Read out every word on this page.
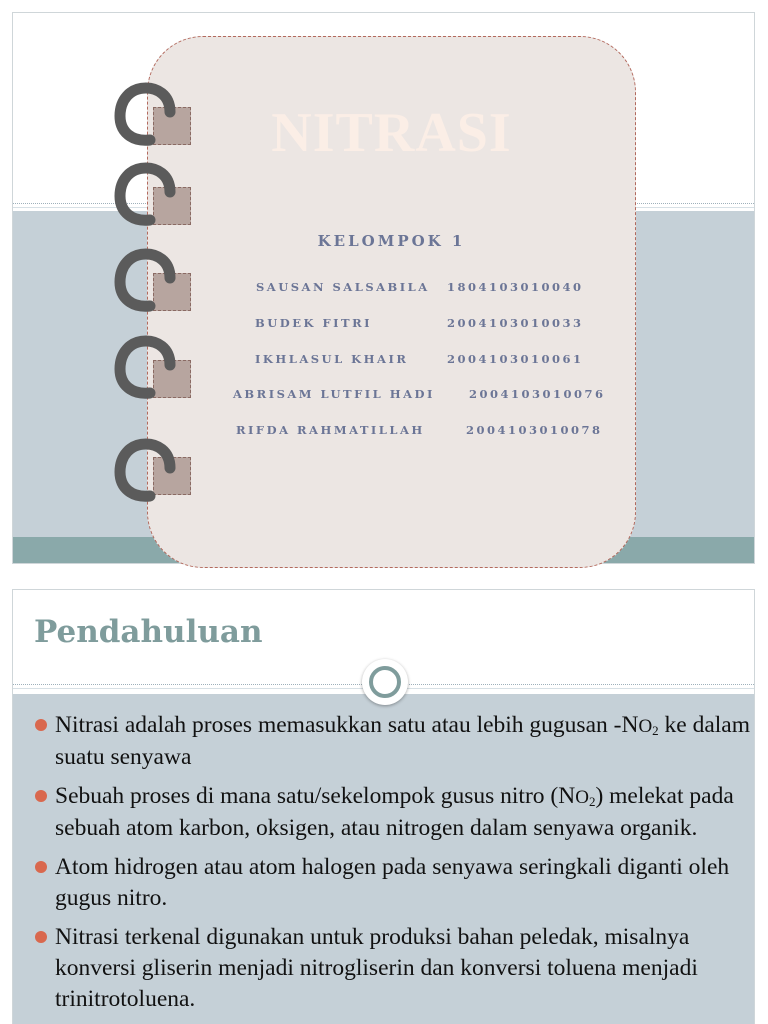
NITRASI
KELOMPOK 1
SAUSAN SALSABILA 1804103010040
BUDEK FITRI	2004103010033
IKHLASUL KHAIR	2004103010061
ABRISAM LUTFIL HADI	2004103010076
RIFDA RAHMATILLAH	2004103010078
Pendahuluan
Nitrasi adalah proses memasukkan satu atau lebih gugusan $-NO_2$ ke dalam suatu senyawa
Sebuah proses di mana satu/sekelompok gusus nitro $(NO_2)$ melekat pada sebuah atom karbon, oksigen, atau nitrogen dalam senyawa organik.
Atom hidrogen atau atom halogen pada senyawa seringkali diganti oleh gugus nitro.
Nitrasi terkenal digunakan untuk produksi bahan peledak, misalnya konversi gliserin menjadi nitrogliserin dan konversi toluena menjadi trinitrotoluena.
